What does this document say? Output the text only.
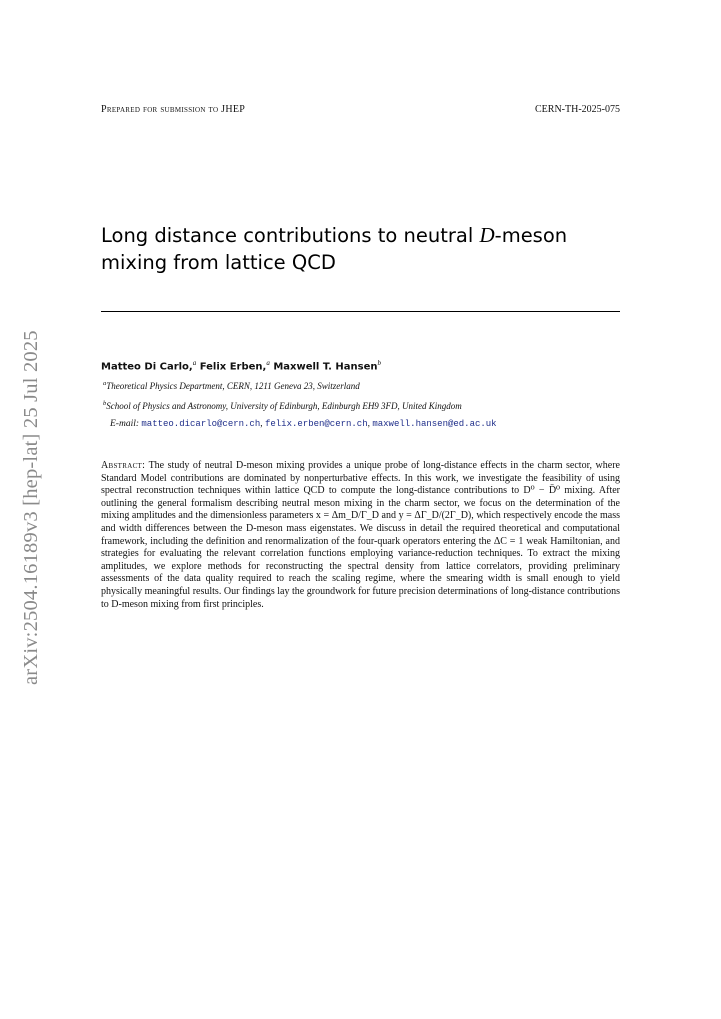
arXiv:2504.16189v3 [hep-lat] 25 Jul 2025
Prepared for submission to JHEP	CERN-TH-2025-075
Long distance contributions to neutral D-meson mixing from lattice QCD
Matteo Di Carlo,$^a$ Felix Erben,$^a$ Maxwell T. Hansen$^b$
$^a$Theoretical Physics Department, CERN, 1211 Geneva 23, Switzerland
$^b$School of Physics and Astronomy, University of Edinburgh, Edinburgh EH9 3FD, United Kingdom
E-mail: matteo.dicarlo@cern.ch, felix.erben@cern.ch, maxwell.hansen@ed.ac.uk

Abstract: The study of neutral D-meson mixing provides a unique probe of long-distance effects in the charm sector, where Standard Model contributions are dominated by nonperturbative effects. In this work, we investigate the feasibility of using spectral reconstruction techniques within lattice QCD to compute the long-distance contributions to D⁰ − D̄⁰ mixing. After outlining the general formalism describing neutral meson mixing in the charm sector, we focus on the determination of the mixing amplitudes and the dimensionless parameters x = Δm_D/Γ_D and y = ΔΓ_D/(2Γ_D), which respectively encode the mass and width differences between the D-meson mass eigenstates. We discuss in detail the required theoretical and computational framework, including the definition and renormalization of the four-quark operators entering the ΔC = 1 weak Hamiltonian, and strategies for evaluating the relevant correlation functions employing variance-reduction techniques. To extract the mixing amplitudes, we explore methods for reconstructing the spectral density from lattice correlators, providing preliminary assessments of the data quality required to reach the scaling regime, where the smearing width is small enough to yield physically meaningful results. Our findings lay the groundwork for future precision determinations of long-distance contributions to D-meson mixing from first principles.
